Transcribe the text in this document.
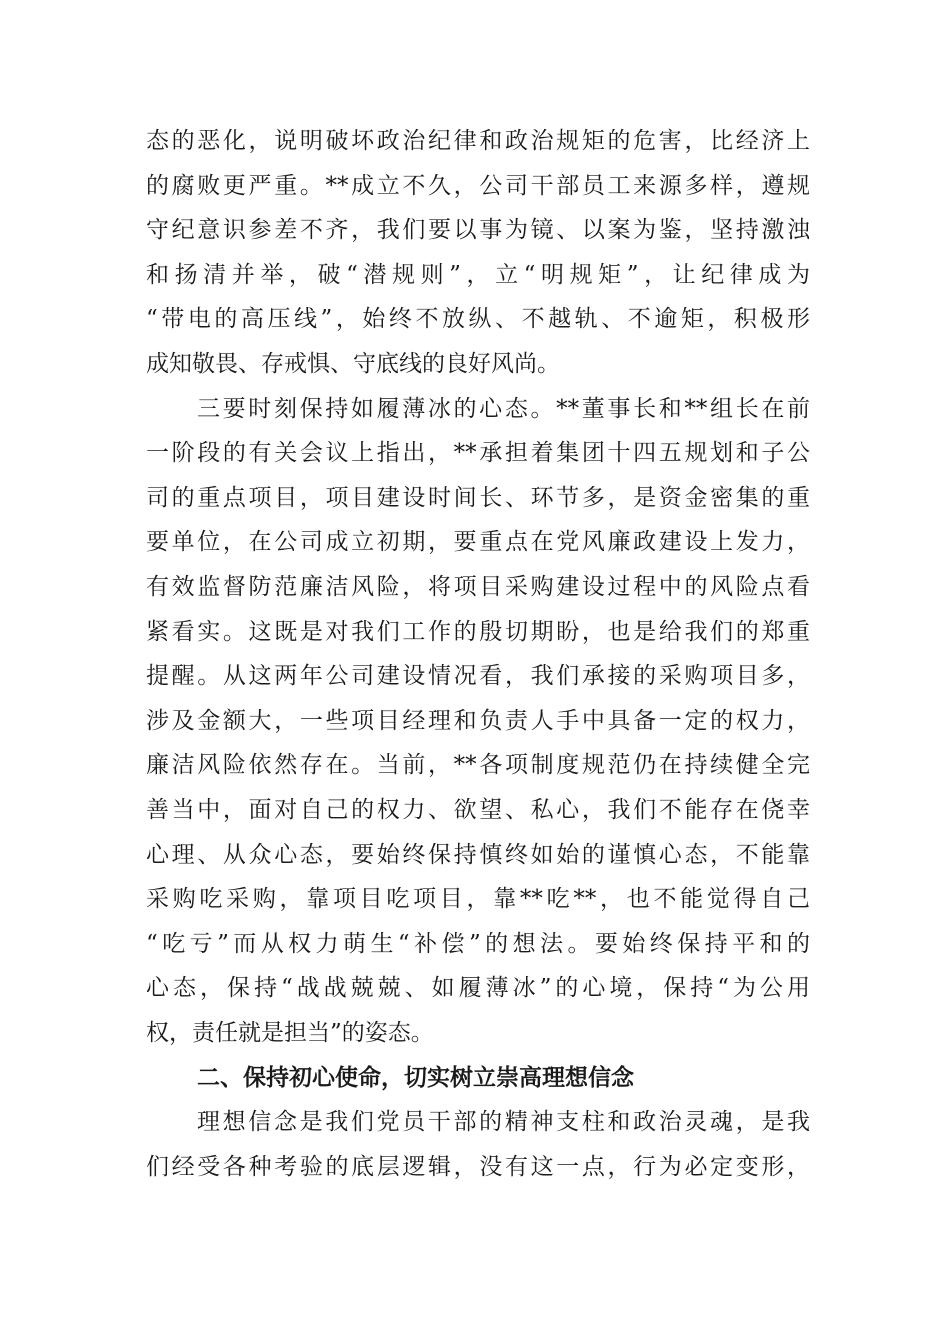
态的恶化，说明破坏政治纪律和政治规矩的危害，比经济上
的腐败更严重。**成立不久，公司干部员工来源多样，遵规
守纪意识参差不齐，我们要以事为镜、以案为鉴，坚持激浊
和扬清并举，破“潜规则”，立“明规矩”，让纪律成为
“带电的高压线”，始终不放纵、不越轨、不逾矩，积极形
成知敬畏、存戒惧、守底线的良好风尚。
三要时刻保持如履薄冰的心态。**董事长和**组长在前
一阶段的有关会议上指出，**承担着集团十四五规划和子公
司的重点项目，项目建设时间长、环节多，是资金密集的重
要单位，在公司成立初期，要重点在党风廉政建设上发力，
有效监督防范廉洁风险，将项目采购建设过程中的风险点看
紧看实。这既是对我们工作的殷切期盼，也是给我们的郑重
提醒。从这两年公司建设情况看，我们承接的采购项目多，
涉及金额大，一些项目经理和负责人手中具备一定的权力，
廉洁风险依然存在。当前，**各项制度规范仍在持续健全完
善当中，面对自己的权力、欲望、私心，我们不能存在侥幸
心理、从众心态，要始终保持慎终如始的谨慎心态，不能靠
采购吃采购，靠项目吃项目，靠**吃**，也不能觉得自己
“吃亏”而从权力萌生“补偿”的想法。要始终保持平和的
心态，保持“战战兢兢、如履薄冰”的心境，保持“为公用
权，责任就是担当”的姿态。
二、保持初心使命，切实树立崇高理想信念
理想信念是我们党员干部的精神支柱和政治灵魂，是我
们经受各种考验的底层逻辑，没有这一点，行为必定变形，
